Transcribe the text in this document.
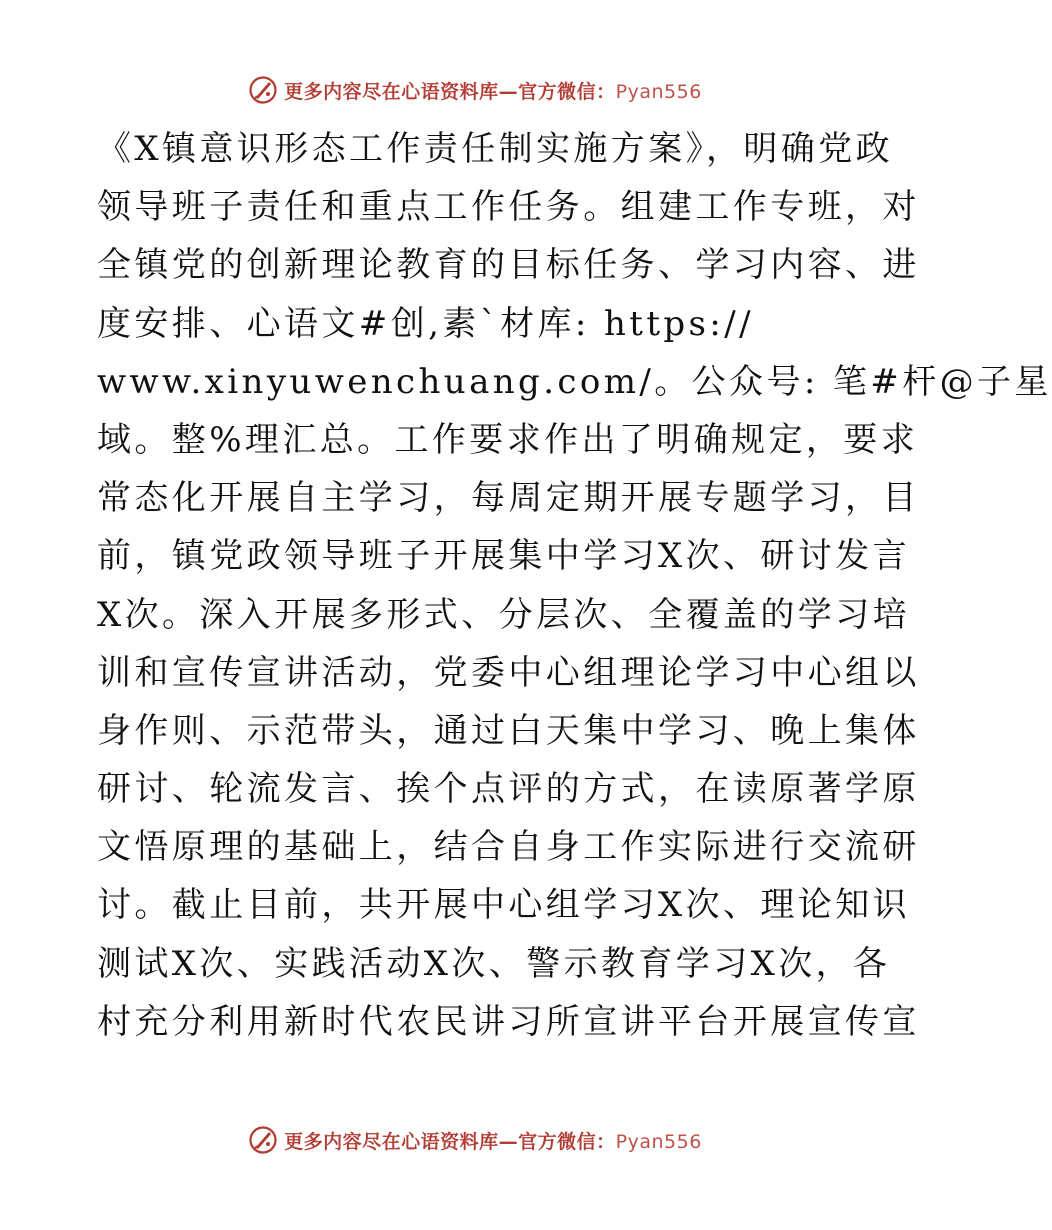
更多内容尽在心语资料库—官方微信：Pyan556
《X镇意识形态工作责任制实施方案》，明确党政
领导班子责任和重点工作任务。组建工作专班，对
全镇党的创新理论教育的目标任务、学习内容、进
度安排、心语文#创,素`材库: https://
www.xinyuwenchuang.com/。公众号: 笔#杆@子星
域。整%理汇总。工作要求作出了明确规定，要求
常态化开展自主学习，每周定期开展专题学习，目
前，镇党政领导班子开展集中学习X次、研讨发言
X次。深入开展多形式、分层次、全覆盖的学习培
训和宣传宣讲活动，党委中心组理论学习中心组以
身作则、示范带头，通过白天集中学习、晚上集体
研讨、轮流发言、挨个点评的方式，在读原著学原
文悟原理的基础上，结合自身工作实际进行交流研
讨。截止目前，共开展中心组学习X次、理论知识
测试X次、实践活动X次、警示教育学习X次，各
村充分利用新时代农民讲习所宣讲平台开展宣传宣
更多内容尽在心语资料库—官方微信：Pyan556
